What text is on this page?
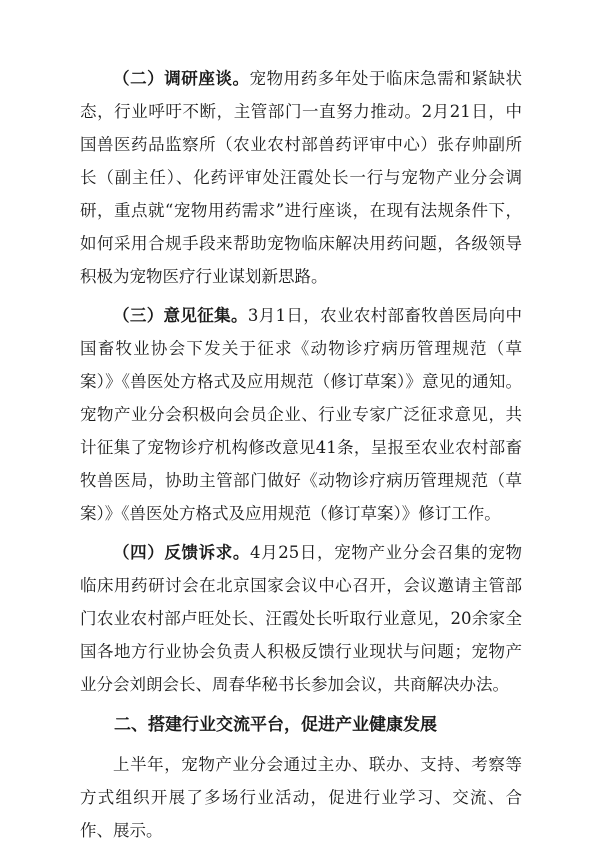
（二）调研座谈。宠物用药多年处于临床急需和紧缺状态，行业呼吁不断，主管部门一直努力推动。2月21日，中国兽医药品监察所（农业农村部兽药评审中心）张存帅副所长（副主任）、化药评审处汪霞处长一行与宠物产业分会调研，重点就“宠物用药需求”进行座谈，在现有法规条件下，如何采用合规手段来帮助宠物临床解决用药问题，各级领导积极为宠物医疗行业谋划新思路。

（三）意见征集。3月1日，农业农村部畜牧兽医局向中国畜牧业协会下发关于征求《动物诊疗病历管理规范（草案）》《兽医处方格式及应用规范（修订草案）》意见的通知。宠物产业分会积极向会员企业、行业专家广泛征求意见，共计征集了宠物诊疗机构修改意见41条，呈报至农业农村部畜牧兽医局，协助主管部门做好《动物诊疗病历管理规范（草案）》《兽医处方格式及应用规范（修订草案）》修订工作。

（四）反馈诉求。4月25日，宠物产业分会召集的宠物临床用药研讨会在北京国家会议中心召开，会议邀请主管部门农业农村部卢旺处长、汪霞处长听取行业意见，20余家全国各地方行业协会负责人积极反馈行业现状与问题；宠物产业分会刘朗会长、周春华秘书长参加会议，共商解决办法。

二、搭建行业交流平台，促进产业健康发展

上半年，宠物产业分会通过主办、联办、支持、考察等方式组织开展了多场行业活动，促进行业学习、交流、合作、展示。
